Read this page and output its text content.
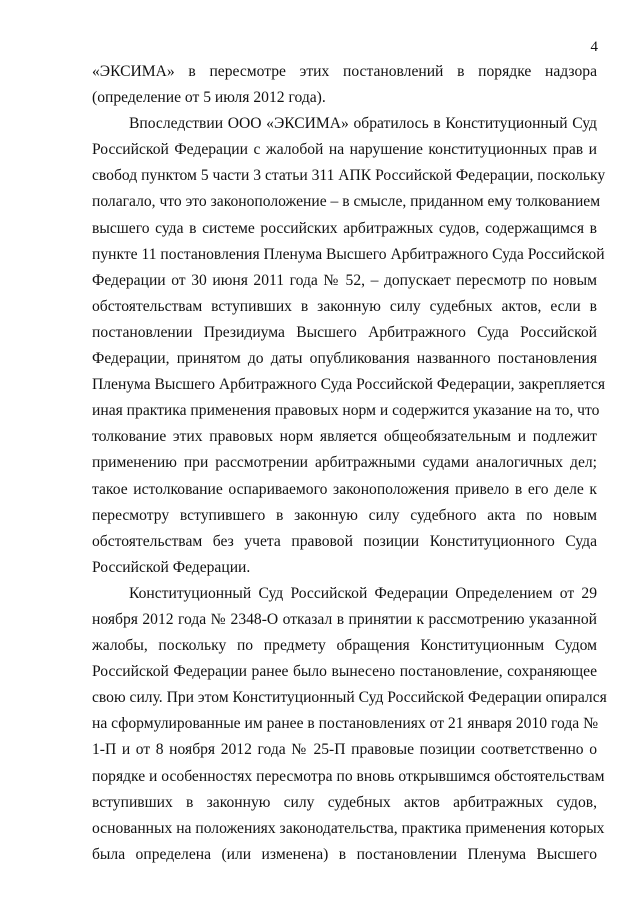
4
«ЭКСИМА» в пересмотре этих постановлений в порядке надзора
(определение от 5 июля 2012 года).
Впоследствии ООО «ЭКСИМА» обратилось в Конституционный Суд
Российской Федерации с жалобой на нарушение конституционных прав и
свобод пунктом 5 части 3 статьи 311 АПК Российской Федерации, поскольку
полагало, что это законоположение – в смысле, приданном ему толкованием
высшего суда в системе российских арбитражных судов, содержащимся в
пункте 11 постановления Пленума Высшего Арбитражного Суда Российской
Федерации от 30 июня 2011 года № 52, – допускает пересмотр по новым
обстоятельствам вступивших в законную силу судебных актов, если в
постановлении Президиума Высшего Арбитражного Суда Российской
Федерации, принятом до даты опубликования названного постановления
Пленума Высшего Арбитражного Суда Российской Федерации, закрепляется
иная практика применения правовых норм и содержится указание на то, что
толкование этих правовых норм является общеобязательным и подлежит
применению при рассмотрении арбитражными судами аналогичных дел;
такое истолкование оспариваемого законоположения привело в его деле к
пересмотру вступившего в законную силу судебного акта по новым
обстоятельствам без учета правовой позиции Конституционного Суда
Российской Федерации.
Конституционный Суд Российской Федерации Определением от 29
ноября 2012 года № 2348-О отказал в принятии к рассмотрению указанной
жалобы, поскольку по предмету обращения Конституционным Судом
Российской Федерации ранее было вынесено постановление, сохраняющее
свою силу. При этом Конституционный Суд Российской Федерации опирался
на сформулированные им ранее в постановлениях от 21 января 2010 года №
1-П и от 8 ноября 2012 года № 25-П правовые позиции соответственно о
порядке и особенностях пересмотра по вновь открывшимся обстоятельствам
вступивших в законную силу судебных актов арбитражных судов,
основанных на положениях законодательства, практика применения которых
была определена (или изменена) в постановлении Пленума Высшего
